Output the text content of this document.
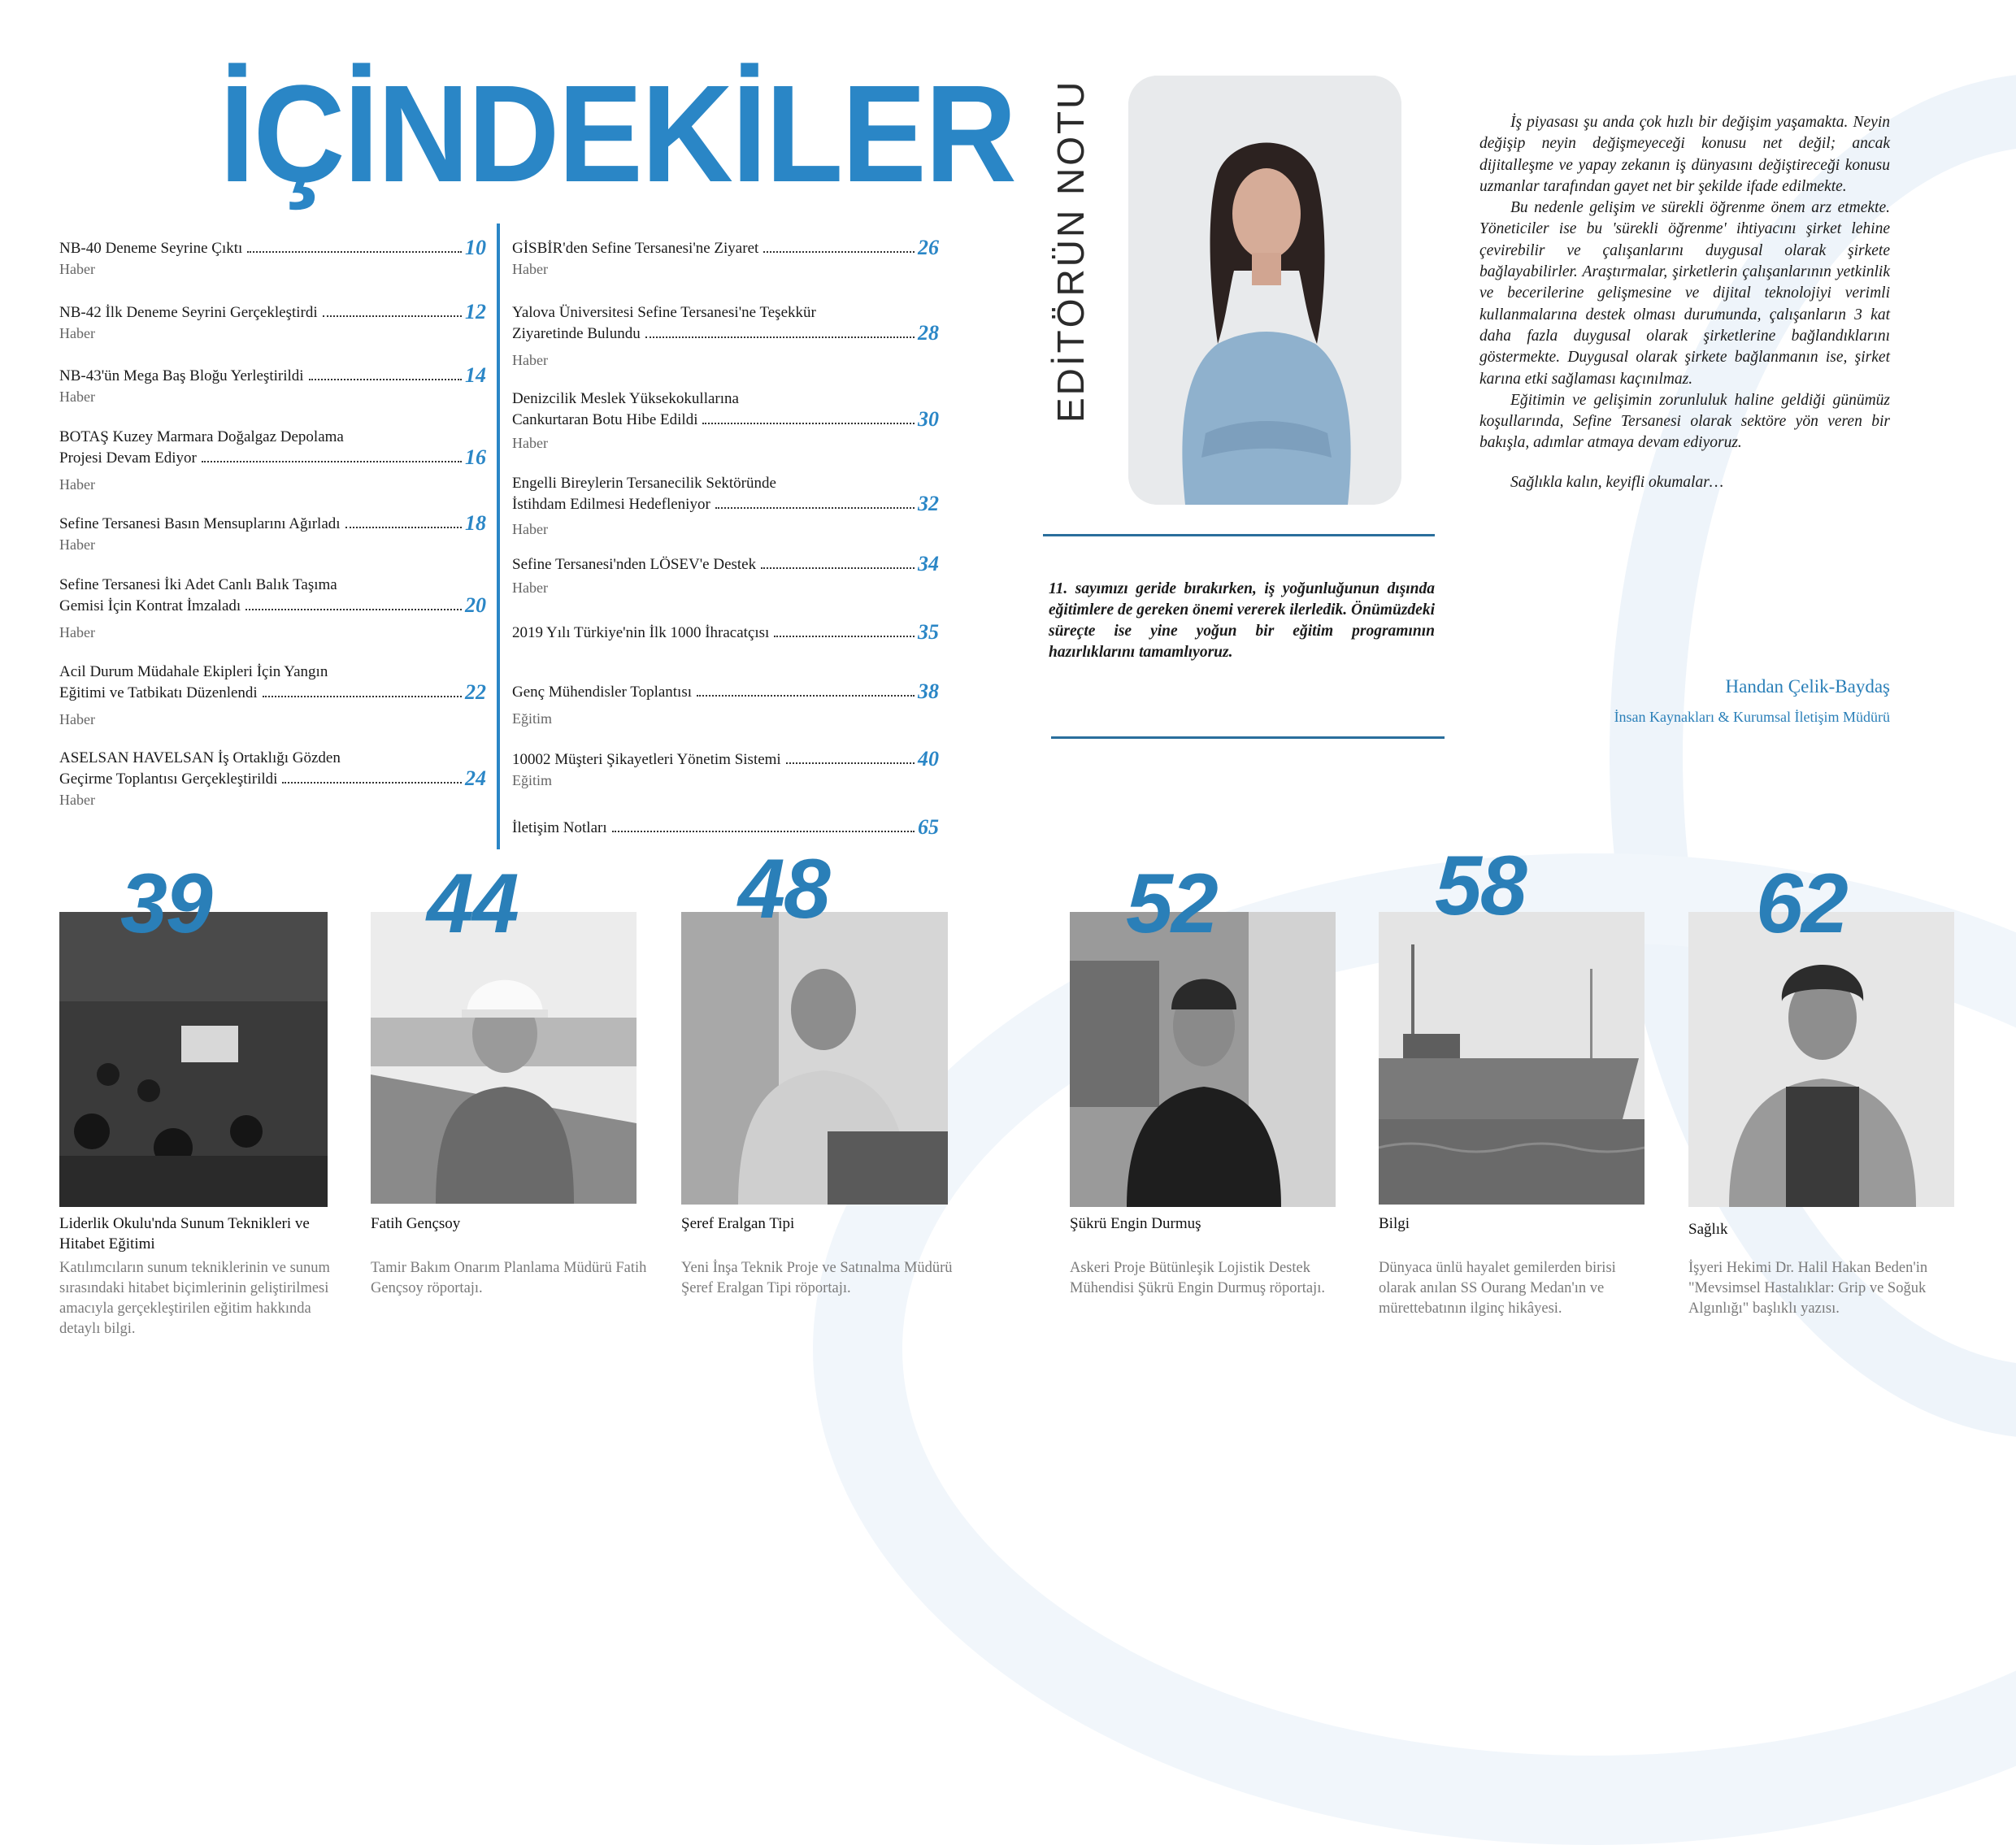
İÇİNDEKİLER
NB-40 Deneme Seyrine Çıktı	10
Haber
NB-42 İlk Deneme Seyrini Gerçekleştirdi	12
Haber
NB-43'ün Mega Baş Bloğu Yerleştirildi	14
Haber
BOTAŞ Kuzey Marmara Doğalgaz Depolama
Projesi Devam Ediyor	16
Haber
Sefine Tersanesi Basın Mensuplarını Ağırladı	18
Haber
Sefine Tersanesi İki Adet Canlı Balık Taşıma
Gemisi İçin Kontrat İmzaladı	20
Haber
Acil Durum Müdahale Ekipleri İçin Yangın
Eğitimi ve Tatbikatı Düzenlendi	22
Haber
ASELSAN HAVELSAN İş Ortaklığı Gözden
Geçirme Toplantısı Gerçekleştirildi	24
Haber
GİSBİR'den Sefine Tersanesi'ne Ziyaret	26
Haber
Yalova Üniversitesi Sefine Tersanesi'ne Teşekkür
Ziyaretinde Bulundu	28
Haber
Denizcilik Meslek Yüksekokullarına
Cankurtaran Botu Hibe Edildi	30
Haber
Engelli Bireylerin Tersanecilik Sektöründe
İstihdam Edilmesi Hedefleniyor	32
Haber
Sefine Tersanesi'nden LÖSEV'e Destek	34
Haber
2019 Yılı Türkiye'nin İlk 1000 İhracatçısı	35
Genç Mühendisler Toplantısı	38
Eğitim
10002 Müşteri Şikayetleri Yönetim Sistemi	40
Eğitim
İletişim Notları	65
EDİTÖRÜN NOTU
11. sayımızı geride bırakırken, iş yoğunluğunun dışında eğitimlere de gereken önemi vererek ilerledik. Önümüzdeki süreçte ise yine yoğun bir eğitim programının hazırlıklarını tamamlıyoruz.

İş piyasası şu anda çok hızlı bir değişim yaşamakta. Neyin değişip neyin değişmeyeceği konusu net değil; ancak dijitalleşme ve yapay zekanın iş dünyasını değiştireceği konusu uzmanlar tarafından gayet net bir şekilde ifade edilmekte.

Bu nedenle gelişim ve sürekli öğrenme önem arz etmekte. Yöneticiler ise bu 'sürekli öğrenme' ihtiyacını şirket lehine çevirebilir ve çalışanlarını duygusal olarak şirkete bağlayabilirler. Araştırmalar, şirketlerin çalışanlarının yetkinlik ve becerilerine gelişmesine ve dijital teknolojiyi verimli kullanmalarına destek olması durumunda, çalışanların 3 kat daha fazla duygusal olarak şirketlerine bağlandıklarını göstermekte. Duygusal olarak şirkete bağlanmanın ise, şirket karına etki sağlaması kaçınılmaz.

Eğitimin ve gelişimin zorunluluk haline geldiği günümüz koşullarında, Sefine Tersanesi olarak sektöre yön veren bir bakışla, adımlar atmaya devam ediyoruz.

Sağlıkla kalın, keyifli okumalar…

Handan Çelik-Baydaş
İnsan Kaynakları & Kurumsal İletişim Müdürü
39
Liderlik Okulu'nda Sunum Teknikleri ve Hitabet Eğitimi
Katılımcıların sunum tekniklerinin ve sunum sırasındaki hitabet biçimlerinin geliştirilmesi amacıyla gerçekleştirilen eğitim hakkında detaylı bilgi.
44
Fatih Gençsoy
Tamir Bakım Onarım Planlama Müdürü Fatih Gençsoy röportajı.
48
Şeref Eralgan Tipi
Yeni İnşa Teknik Proje ve Satınalma Müdürü Şeref Eralgan Tipi röportajı.
52
Şükrü Engin Durmuş
Askeri Proje Bütünleşik Lojistik Destek Mühendisi Şükrü Engin Durmuş röportajı.
58
Bilgi
Dünyaca ünlü hayalet gemilerden birisi olarak anılan SS Ourang Medan'ın ve mürettebatının ilginç hikâyesi.
62
Sağlık
İşyeri Hekimi Dr. Halil Hakan Beden'in "Mevsimsel Hastalıklar: Grip ve Soğuk Algınlığı" başlıklı yazısı.
